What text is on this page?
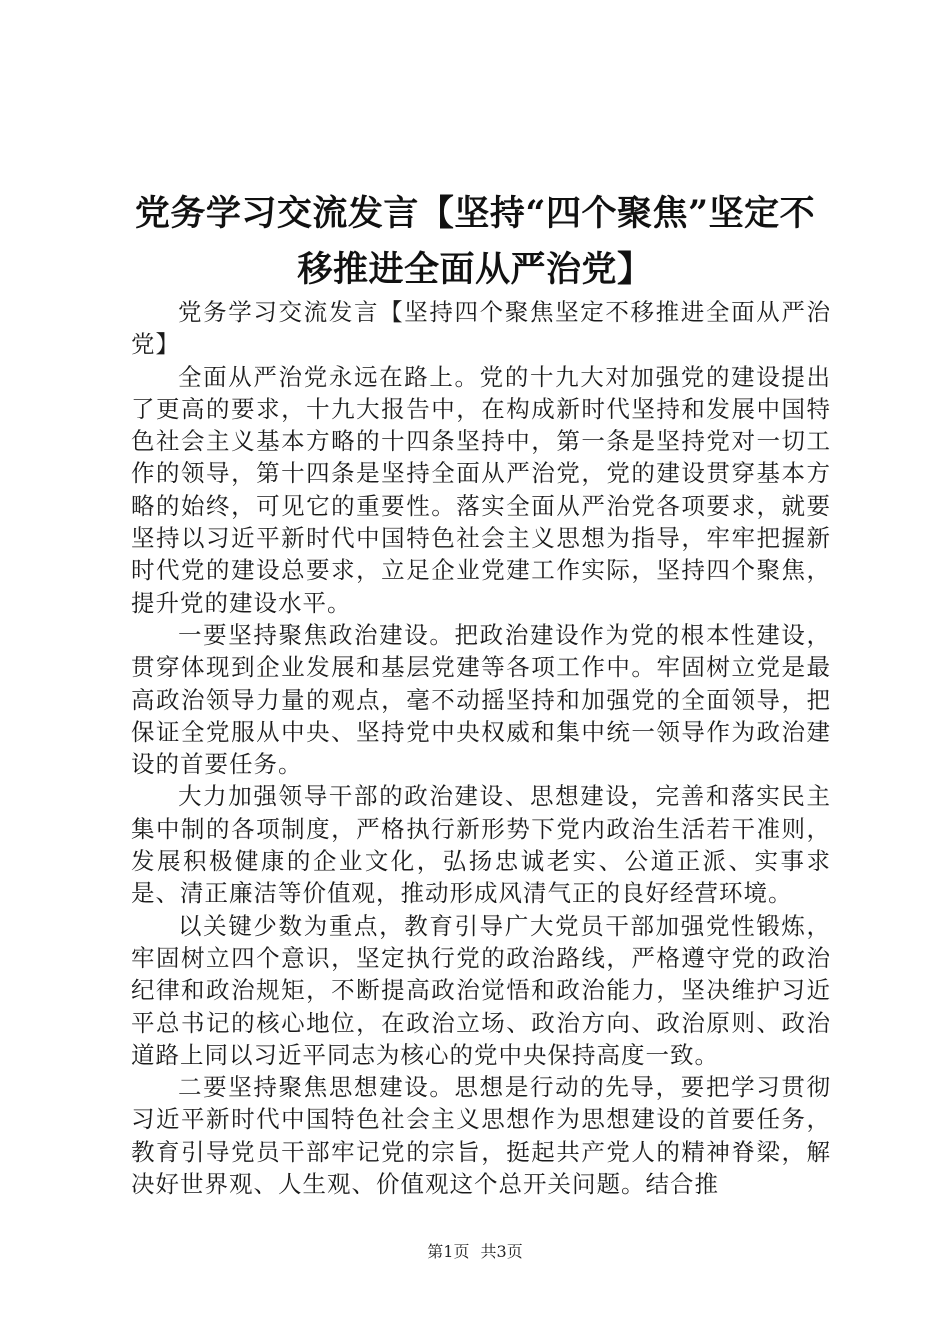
党务学习交流发言【坚持“四个聚焦”坚定不
移推进全面从严治党】

党务学习交流发言【坚持四个聚焦坚定不移推进全面从严治党】

全面从严治党永远在路上。党的十九大对加强党的建设提出了更高的要求，十九大报告中，在构成新时代坚持和发展中国特色社会主义基本方略的十四条坚持中，第一条是坚持党对一切工作的领导，第十四条是坚持全面从严治党，党的建设贯穿基本方略的始终，可见它的重要性。落实全面从严治党各项要求，就要坚持以习近平新时代中国特色社会主义思想为指导，牢牢把握新时代党的建设总要求，立足企业党建工作实际，坚持四个聚焦，提升党的建设水平。

一要坚持聚焦政治建设。把政治建设作为党的根本性建设，贯穿体现到企业发展和基层党建等各项工作中。牢固树立党是最高政治领导力量的观点，毫不动摇坚持和加强党的全面领导，把保证全党服从中央、坚持党中央权威和集中统一领导作为政治建设的首要任务。

大力加强领导干部的政治建设、思想建设，完善和落实民主集中制的各项制度，严格执行新形势下党内政治生活若干准则，发展积极健康的企业文化，弘扬忠诚老实、公道正派、实事求是、清正廉洁等价值观，推动形成风清气正的良好经营环境。

以关键少数为重点，教育引导广大党员干部加强党性锻炼，牢固树立四个意识，坚定执行党的政治路线，严格遵守党的政治纪律和政治规矩，不断提高政治觉悟和政治能力，坚决维护习近平总书记的核心地位，在政治立场、政治方向、政治原则、政治道路上同以习近平同志为核心的党中央保持高度一致。

二要坚持聚焦思想建设。思想是行动的先导，要把学习贯彻习近平新时代中国特色社会主义思想作为思想建设的首要任务，教育引导党员干部牢记党的宗旨，挺起共产党人的精神脊梁，解决好世界观、人生观、价值观这个总开关问题。结合推

第1页 共3页
